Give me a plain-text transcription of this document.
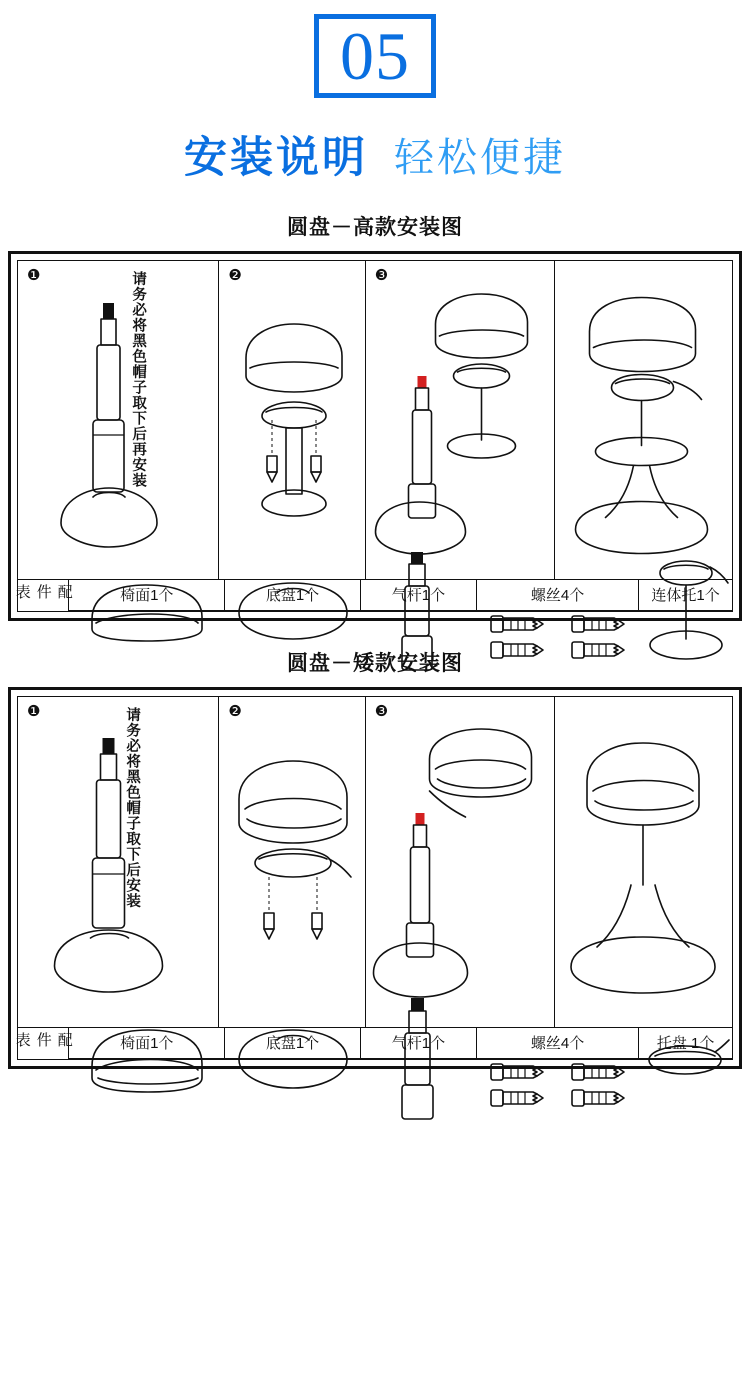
05
安装说明 轻松便捷
圆盘－高款安装图
❶	请务必将黑色帽子取下后再安装	❷	❸
配件表	椅面1个	底盘1个	气杆1个	螺丝4个	连体托1个
圆盘－矮款安装图
❶	请务必将黑色帽子取下后安装	❷	❸
配件表	椅面1个	底盘1个	气杆1个	螺丝4个	托盘 1个
